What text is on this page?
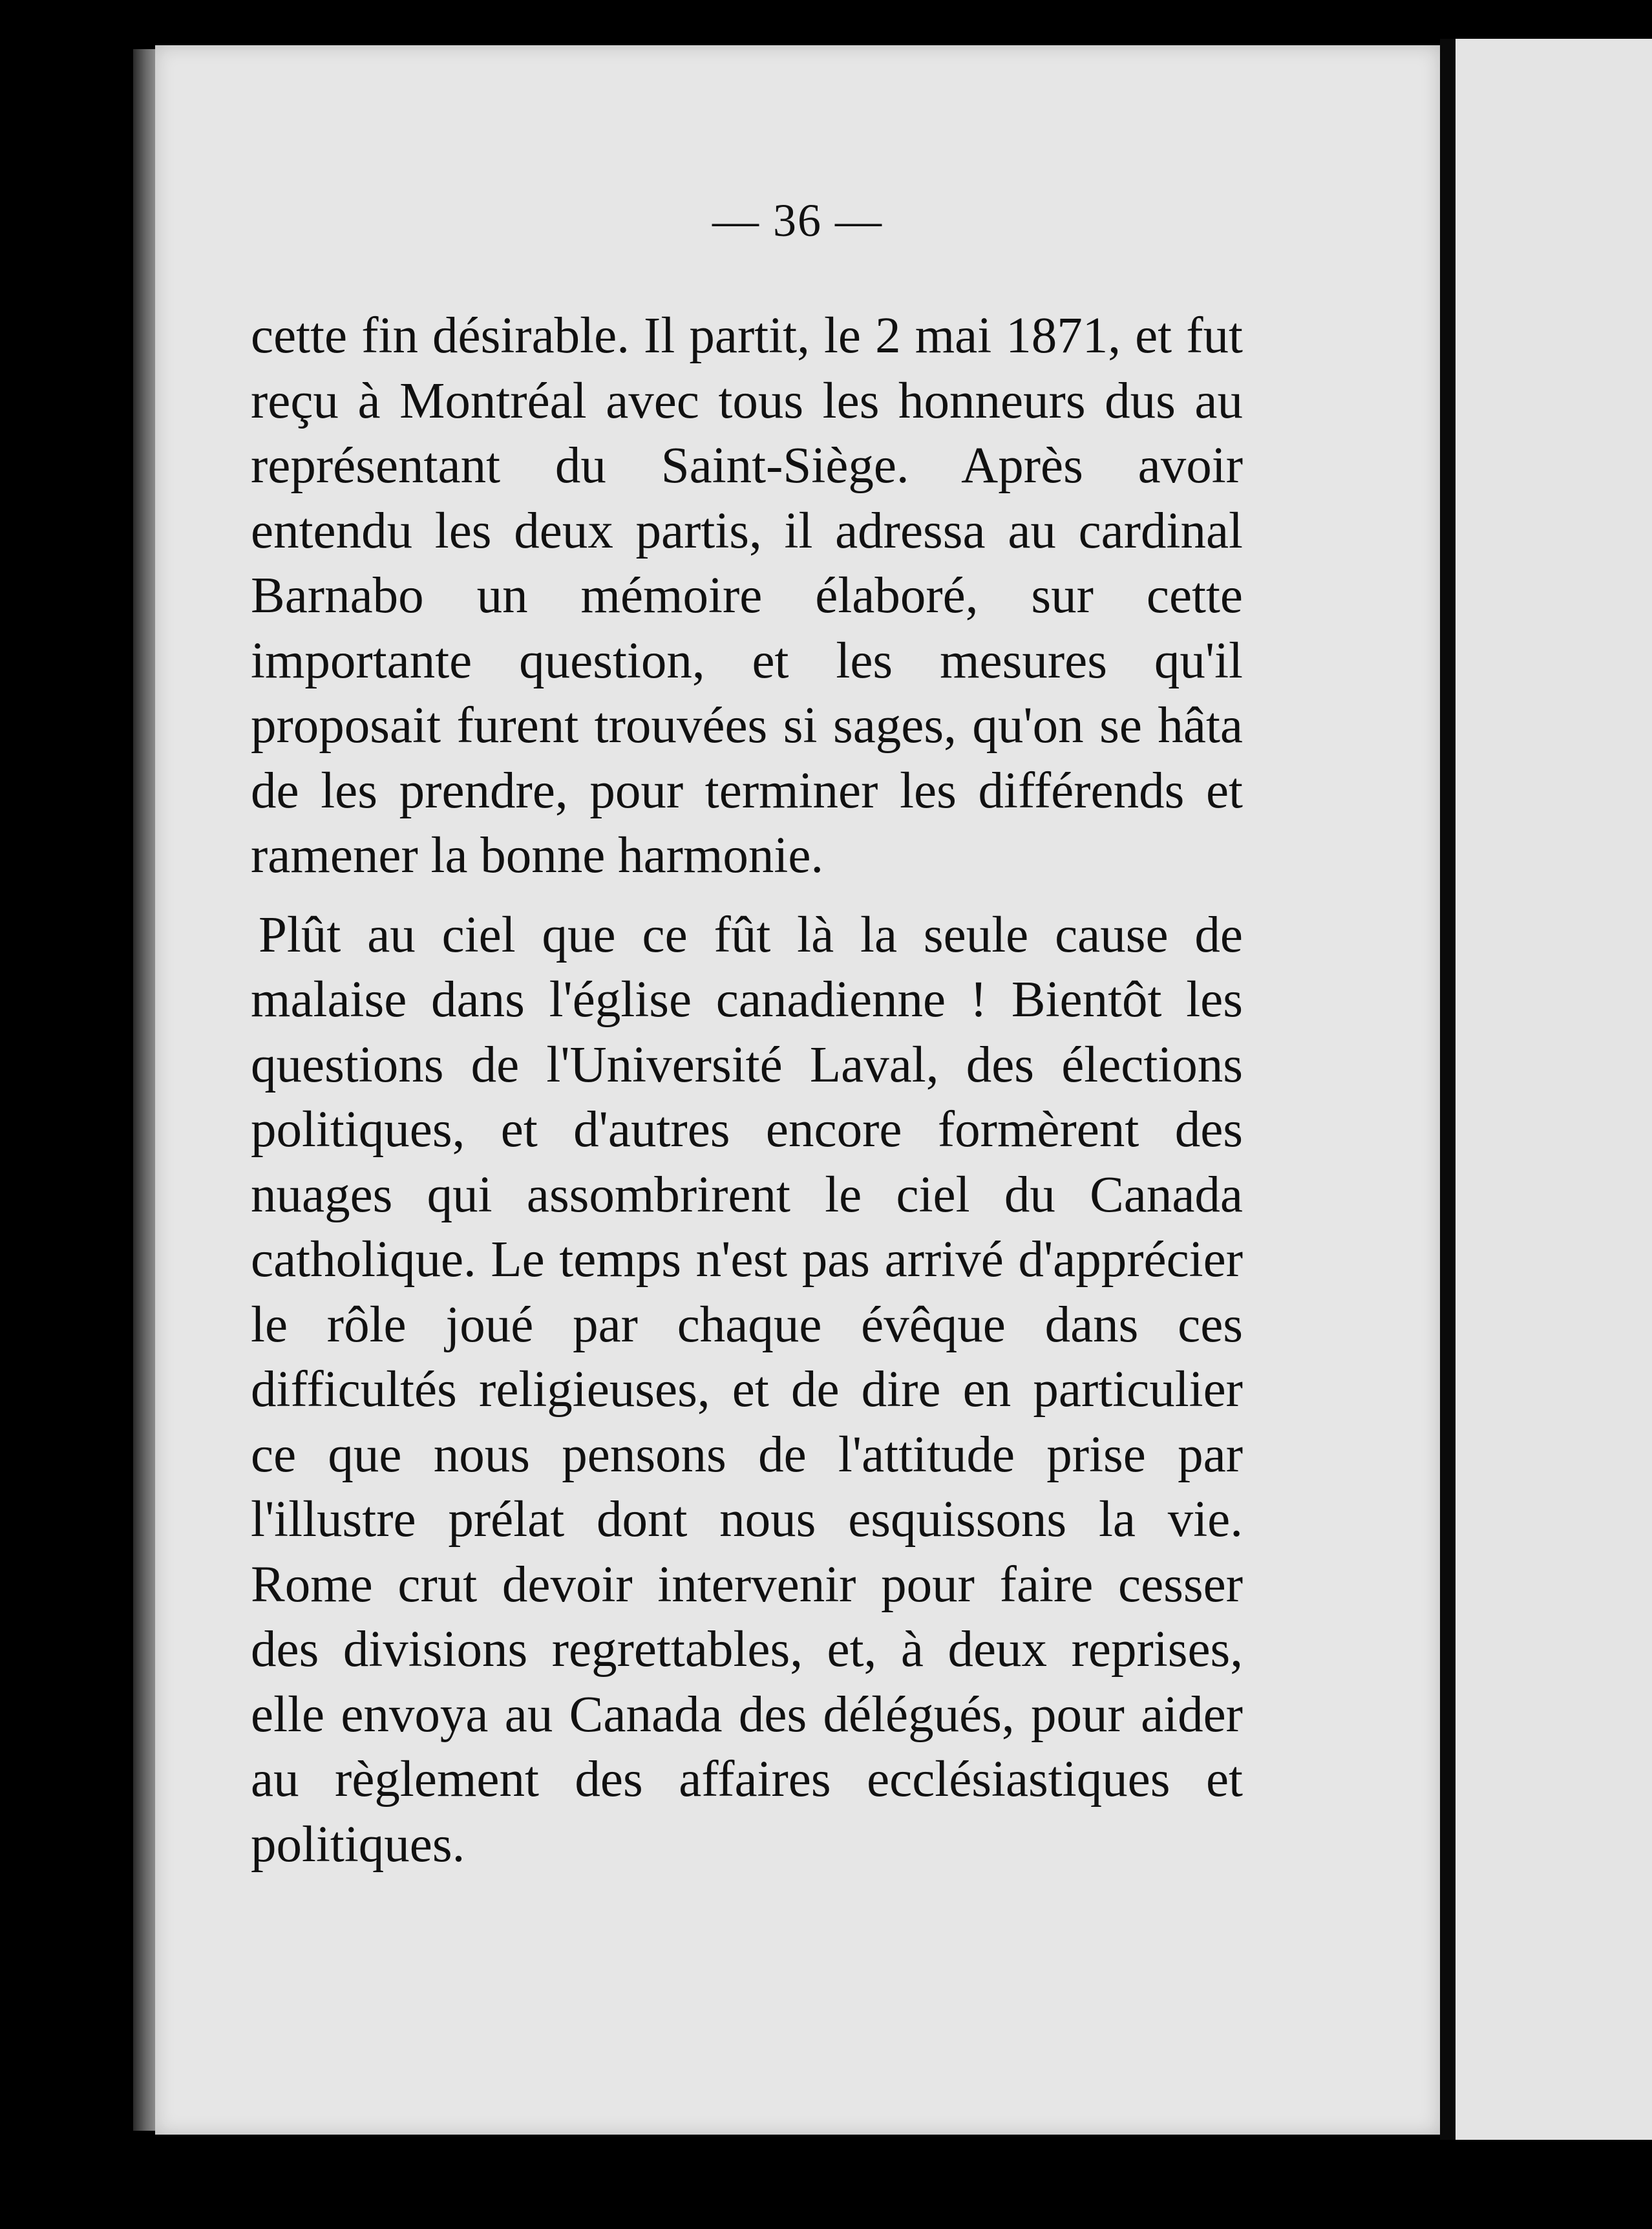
— 36 —

cette fin désirable. Il partit, le 2 mai 1871, et fut reçu à Montréal avec tous les honneurs dus au représentant du Saint-Siège. Après avoir entendu les deux partis, il adressa au cardinal Barnabo un mémoire élaboré, sur cette importante question, et les mesures qu'il proposait furent trouvées si sages, qu'on se hâta de les prendre, pour terminer les différends et ramener la bonne harmonie.

Plût au ciel que ce fût là la seule cause de malaise dans l'église canadienne ! Bientôt les questions de l'Université Laval, des élections politiques, et d'autres encore formèrent des nuages qui assombrirent le ciel du Canada catholique. Le temps n'est pas arrivé d'apprécier le rôle joué par chaque évêque dans ces difficultés religieuses, et de dire en particulier ce que nous pensons de l'attitude prise par l'illustre prélat dont nous esquissons la vie. Rome crut devoir intervenir pour faire cesser des divisions regrettables, et, à deux reprises, elle envoya au Canada des délégués, pour aider au règlement des affaires ecclésiastiques et politiques.
